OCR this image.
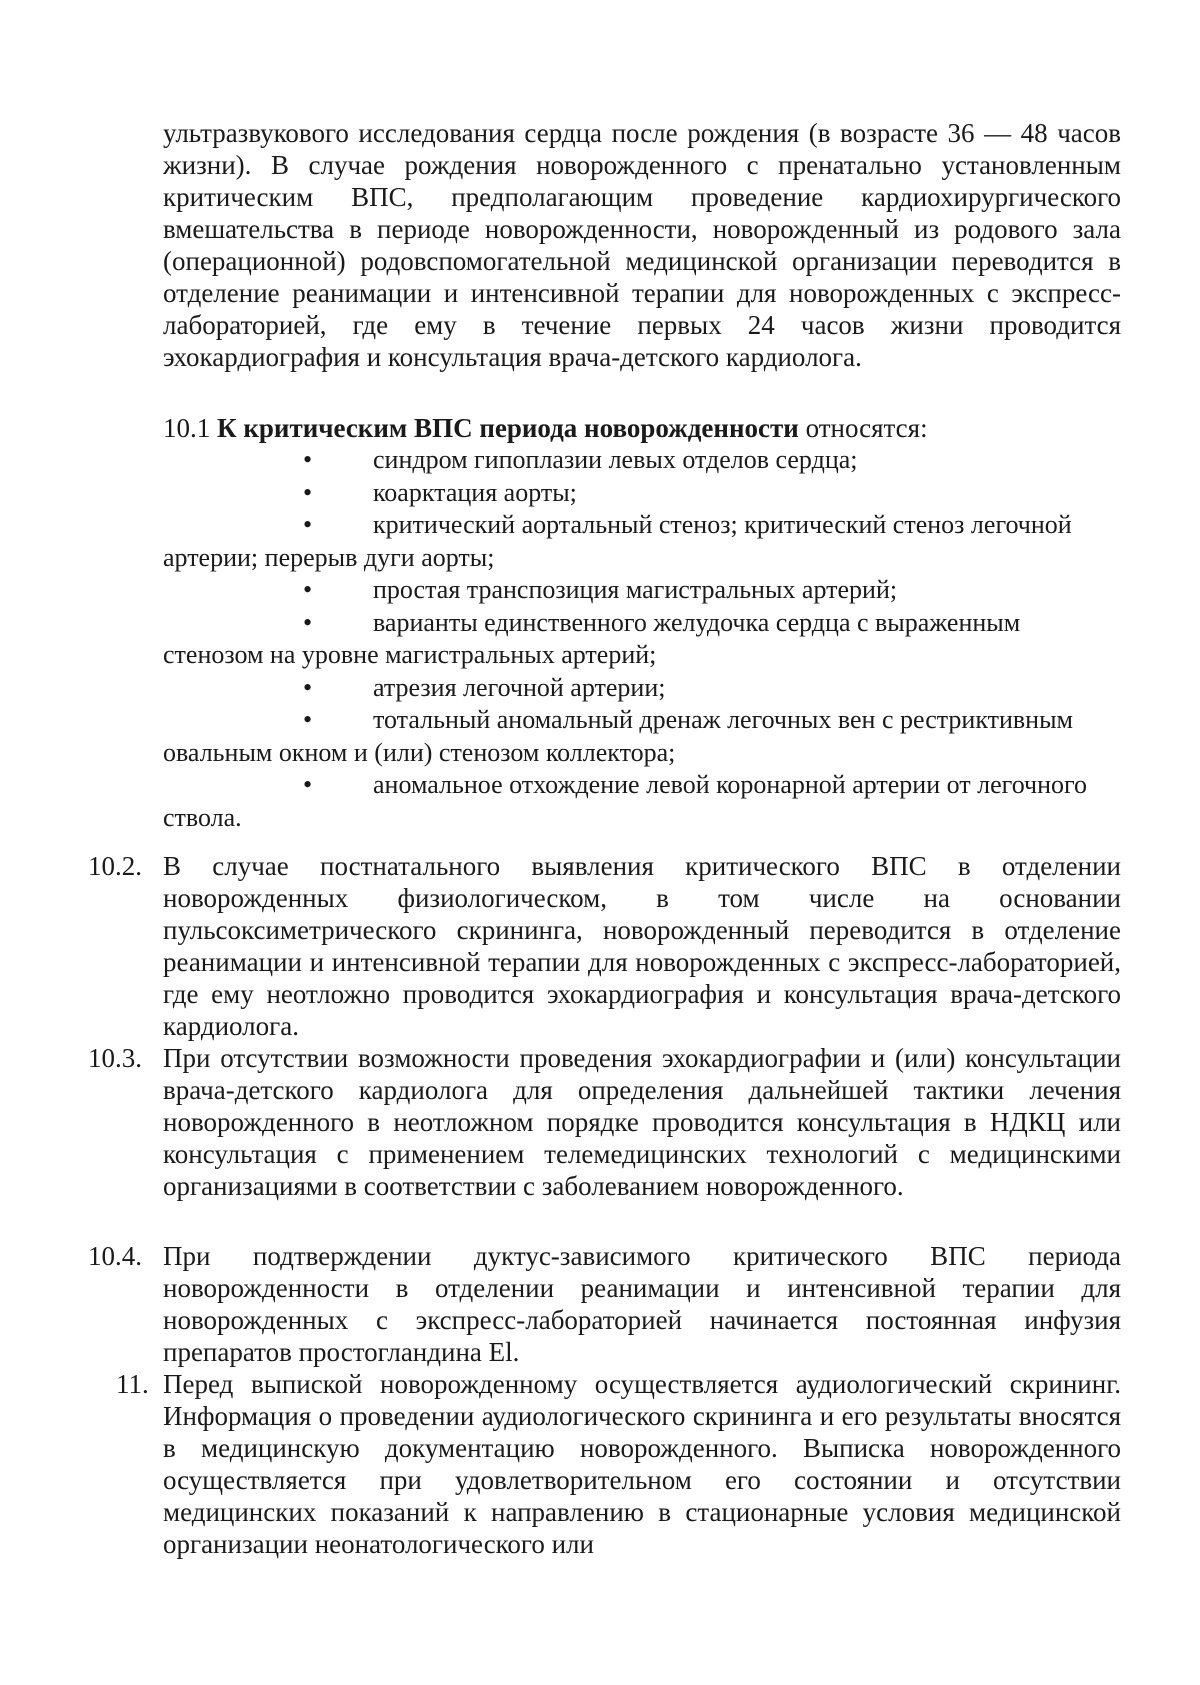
ультразвукового исследования сердца после рождения (в возрасте 36 — 48 часов жизни). В случае рождения новорожденного с пренатально установленным критическим ВПС, предполагающим проведение кардиохирургического вмешательства в периоде новорожденности, новорожденный из родового зала (операционной) родовспомогательной медицинской организации переводится в отделение реанимации и интенсивной терапии для новорожденных с экспресс- лабораторией, где ему в течение первых 24 часов жизни проводится эхокардиография и консультация врача-детского кардиолога.
10.1 К критическим ВПС периода новорожденности относятся:
• синдром гипоплазии левых отделов сердца;
• коарктация аорты;
• критический аортальный стеноз; критический стеноз легочной артерии; перерыв дуги аорты;
• простая транспозиция магистральных артерий;
• варианты единственного желудочка сердца с выраженным стенозом на уровне магистральных артерий;
• атрезия легочной артерии;
• тотальный аномальный дренаж легочных вен с рестриктивным овальным окном и (или) стенозом коллектора;
• аномальное отхождение левой коронарной артерии от легочного ствола.
10.2. В случае постнатального выявления критического ВПС в отделении новорожденных физиологическом, в том числе на основании пульсоксиметрического скрининга, новорожденный переводится в отделение реанимации и интенсивной терапии для новорожденных с экспресс-лабораторией, где ему неотложно проводится эхокардиография и консультация врача-детского кардиолога.
10.3. При отсутствии возможности проведения эхокардиографии и (или) консультации врача-детского кардиолога для определения дальнейшей тактики лечения новорожденного в неотложном порядке проводится консультация в НДКЦ или консультация с применением телемедицинских технологий с медицинскими организациями в соответствии с заболеванием новорожденного.
10.4. При подтверждении дуктус-зависимого критического ВПС периода новорожденности в отделении реанимации и интенсивной терапии для новорожденных с экспресс-лабораторией начинается постоянная инфузия препаратов простогландина El.
11. Перед выпиской новорожденному осуществляется аудиологический скрининг. Информация о проведении аудиологического скрининга и его результаты вносятся в медицинскую документацию новорожденного. Выписка новорожденного осуществляется при удовлетворительном его состоянии и отсутствии медицинских показаний к направлению в стационарные условия медицинской организации неонатологического или
